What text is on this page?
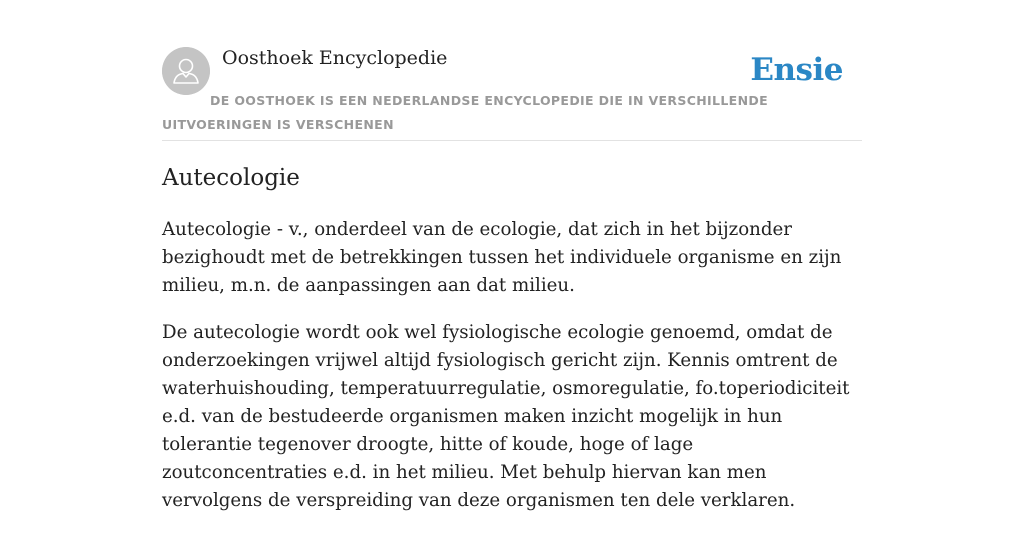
Oosthoek Encyclopedie	Ensie
DE OOSTHOEK IS EEN NEDERLANDSE ENCYCLOPEDIE DIE IN VERSCHILLENDE UITVOERINGEN IS VERSCHENEN
Autecologie

Autecologie - v., onderdeel van de ecologie, dat zich in het bijzonder bezighoudt met de betrekkingen tussen het individuele organisme en zijn milieu, m.n. de aanpassingen aan dat milieu.

De autecologie wordt ook wel fysiologische ecologie genoemd, omdat de onderzoekingen vrijwel altijd fysiologisch gericht zijn. Kennis omtrent de waterhuishouding, temperatuurregulatie, osmoregulatie, fo.toperiodiciteit e.d. van de bestudeerde organismen maken inzicht mogelijk in hun tolerantie tegenover droogte, hitte of koude, hoge of lage zoutconcentraties e.d. in het milieu. Met behulp hiervan kan men vervolgens de verspreiding van deze organismen ten dele verklaren.
